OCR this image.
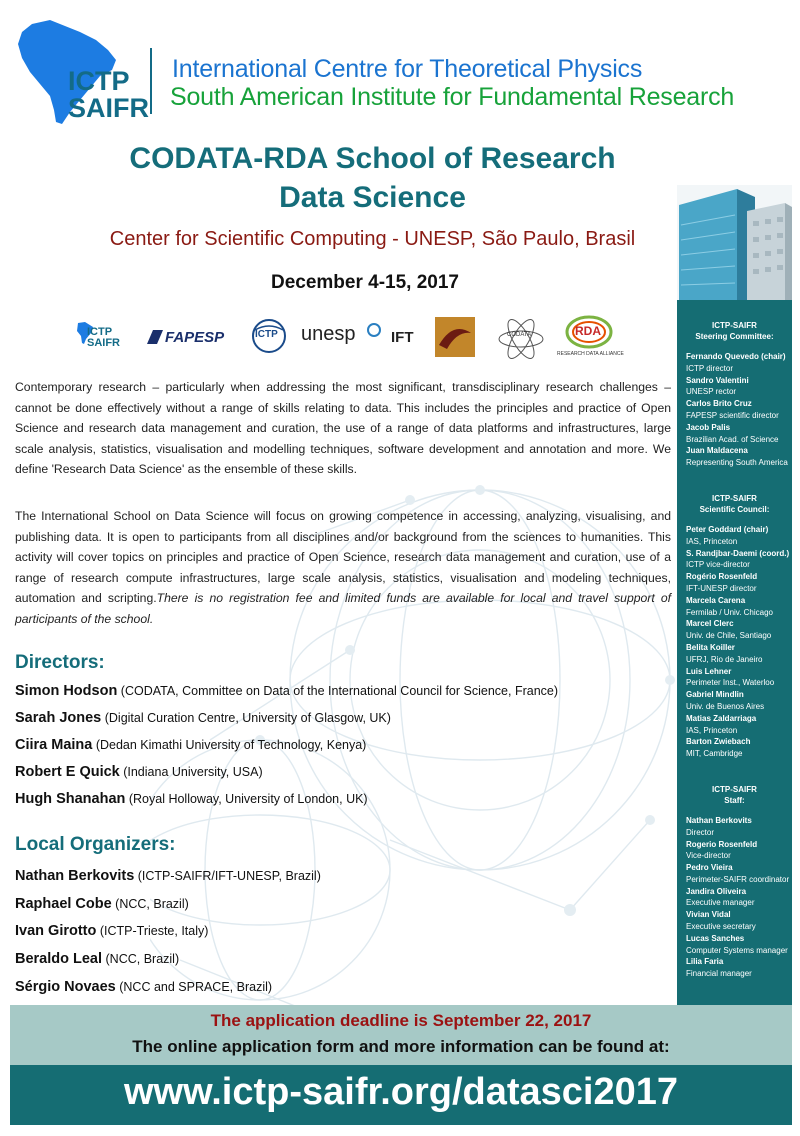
ICTP
SAIFR
International Centre for Theoretical Physics
South American Institute for Fundamental Research
CODATA-RDA School of Research
Data Science
Center for Scientific Computing - UNESP, São Paulo, Brasil
December 4-15, 2017
ICTP
SAIFR	FAPESP	ICTP unesp IFT	CODATA	RDA
RESEARCH DATA ALLIANCE
Contemporary research – particularly when addressing the most significant, transdisciplinary research challenges – cannot be done effectively without a range of skills relating to data. This includes the principles and practice of Open Science and research data management and curation, the use of a range of data platforms and infrastructures, large scale analysis, statistics, visualisation and modelling techniques, software development and annotation and more. We define 'Research Data Science' as the ensemble of these skills.
The International School on Data Science will focus on growing competence in accessing, analyzing, visualising, and publishing data. It is open to participants from all disciplines and/or background from the sciences to humanities. This activity will cover topics on principles and practice of Open Science, research data management and curation, use of a range of research compute infrastructures, large scale analysis, statistics, visualisation and modeling techniques, automation and scripting.There is no registration fee and limited funds are available for local and travel support of participants of the school.
Directors:
Simon Hodson (CODATA, Committee on Data of the International Council for Science, France)
Sarah Jones (Digital Curation Centre, University of Glasgow, UK)
Ciira Maina (Dedan Kimathi University of Technology, Kenya)
Robert E Quick (Indiana University, USA)
Hugh Shanahan (Royal Holloway, University of London, UK)
Local Organizers:
Nathan Berkovits (ICTP-SAIFR/IFT-UNESP, Brazil)
Raphael Cobe (NCC, Brazil)
Ivan Girotto (ICTP-Trieste, Italy)
Beraldo Leal (NCC, Brazil)
Sérgio Novaes (NCC and SPRACE, Brazil)
ICTP-SAIFR
Steering Committee:
Fernando Quevedo (chair)
ICTP director
Sandro Valentini
UNESP rector
Carlos Brito Cruz
FAPESP scientific director
Jacob Palis
Brazilian Acad. of Science
Juan Maldacena
Representing South America
ICTP-SAIFR
Scientific Council:
Peter Goddard (chair)
IAS, Princeton
S. Randjbar-Daemi (coord.)
ICTP vice-director
Rogério Rosenfeld
IFT-UNESP director
Marcela Carena
Fermilab / Univ. Chicago
Marcel Clerc
Univ. de Chile, Santiago
Belita Koiller
UFRJ, Rio de Janeiro
Luis Lehner
Perimeter Inst., Waterloo
Gabriel Mindlin
Univ. de Buenos Aires
Matias Zaldarriaga
IAS, Princeton
Barton Zwiebach
MIT, Cambridge
ICTP-SAIFR
Staff:
Nathan Berkovits
Director
Rogerio Rosenfeld
Vice-director
Pedro Vieira
Perimeter-SAIFR coordinator
Jandira Oliveira
Executive manager
Vivian Vidal
Executive secretary
Lucas Sanches
Computer Systems manager
Lilia Faria
Financial manager
The application deadline is September 22, 2017
The online application form and more information can be found at:
www.ictp-saifr.org/datasci2017
